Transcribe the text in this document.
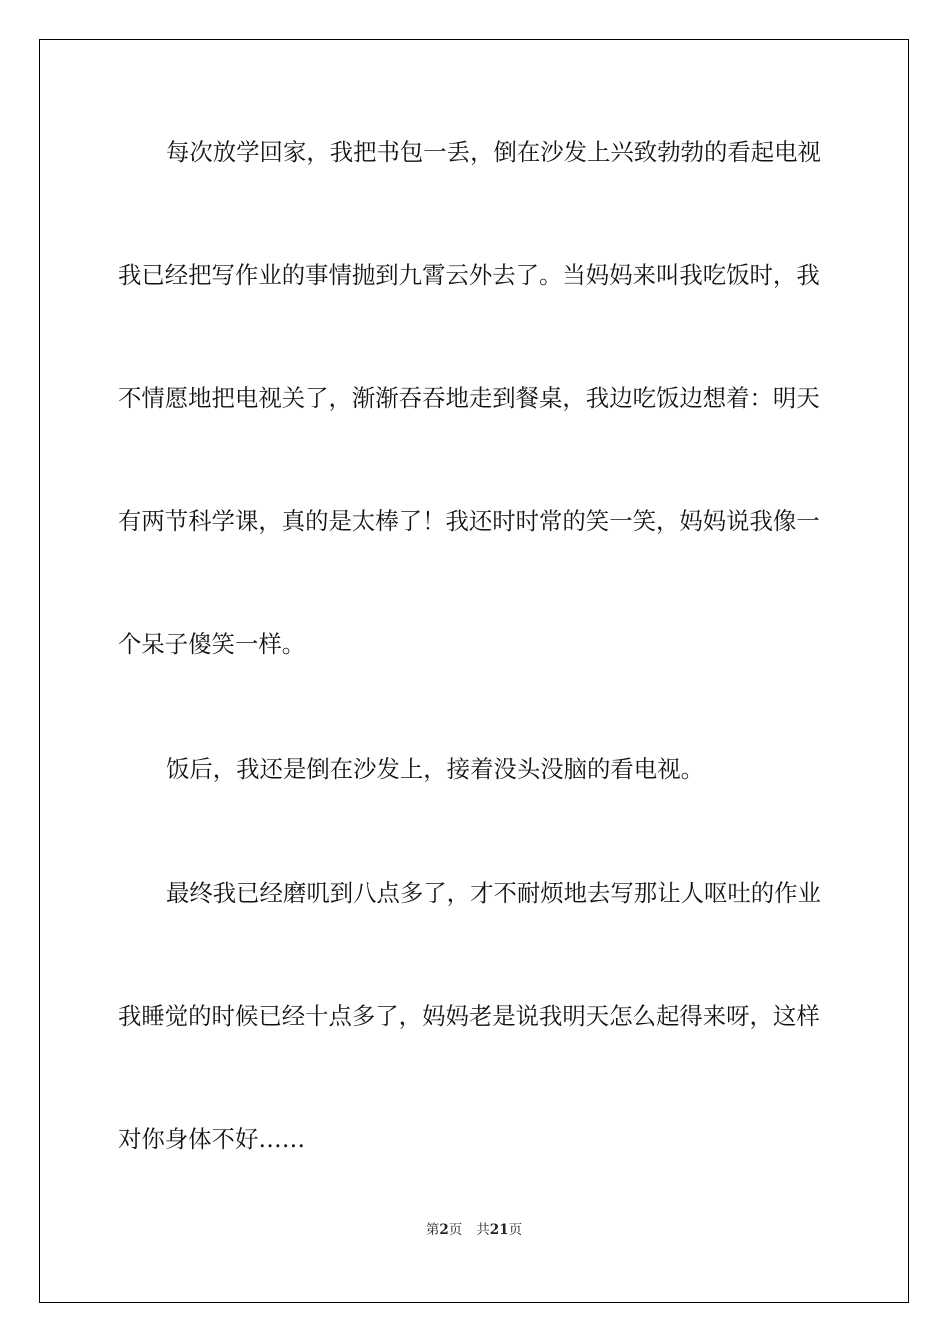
每次放学回家，我把书包一丢，倒在沙发上兴致勃勃的看起电视
我已经把写作业的事情抛到九霄云外去了。当妈妈来叫我吃饭时，我
不情愿地把电视关了，渐渐吞吞地走到餐桌，我边吃饭边想着：明天
有两节科学课，真的是太棒了！我还时时常的笑一笑，妈妈说我像一
个呆子傻笑一样。
饭后，我还是倒在沙发上，接着没头没脑的看电视。
最终我已经磨叽到八点多了，才不耐烦地去写那让人呕吐的作业
我睡觉的时候已经十点多了，妈妈老是说我明天怎么起得来呀，这样
对你身体不好……
第2页 共21页
